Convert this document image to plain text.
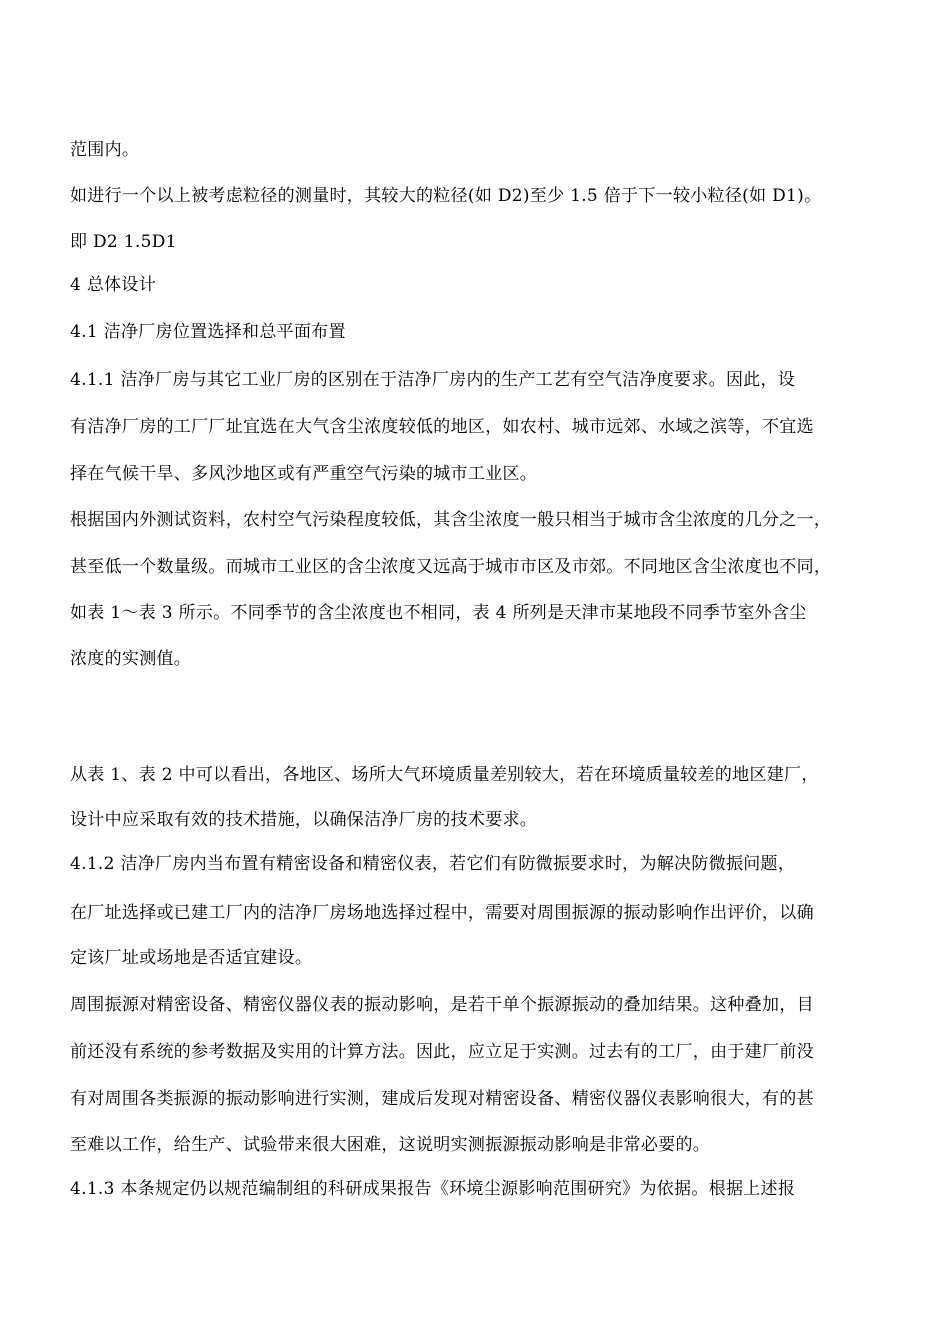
范围内。
如进行一个以上被考虑粒径的测量时，其较大的粒径(如 D2)至少 1.5 倍于下一较小粒径(如 D1)。
即 D2 1.5D1
4 总体设计
4.1 洁净厂房位置选择和总平面布置
4.1.1 洁净厂房与其它工业厂房的区别在于洁净厂房内的生产工艺有空气洁净度要求。因此，设
有洁净厂房的工厂厂址宜选在大气含尘浓度较低的地区，如农村、城市远郊、水域之滨等，不宜选
择在气候干旱、多风沙地区或有严重空气污染的城市工业区。
根据国内外测试资料，农村空气污染程度较低，其含尘浓度一般只相当于城市含尘浓度的几分之一，
甚至低一个数量级。而城市工业区的含尘浓度又远高于城市市区及市郊。不同地区含尘浓度也不同，
如表 1～表 3 所示。不同季节的含尘浓度也不相同，表 4 所列是天津市某地段不同季节室外含尘
浓度的实测值。
从表 1、表 2 中可以看出，各地区、场所大气环境质量差别较大，若在环境质量较差的地区建厂，
设计中应采取有效的技术措施，以确保洁净厂房的技术要求。
4.1.2 洁净厂房内当布置有精密设备和精密仪表，若它们有防微振要求时，为解决防微振问题，
在厂址选择或已建工厂内的洁净厂房场地选择过程中，需要对周围振源的振动影响作出评价，以确
定该厂址或场地是否适宜建设。
周围振源对精密设备、精密仪器仪表的振动影响，是若干单个振源振动的叠加结果。这种叠加，目
前还没有系统的参考数据及实用的计算方法。因此，应立足于实测。过去有的工厂，由于建厂前没
有对周围各类振源的振动影响进行实测，建成后发现对精密设备、精密仪器仪表影响很大，有的甚
至难以工作，给生产、试验带来很大困难，这说明实测振源振动影响是非常必要的。
4.1.3 本条规定仍以规范编制组的科研成果报告《环境尘源影响范围研究》为依据。根据上述报
